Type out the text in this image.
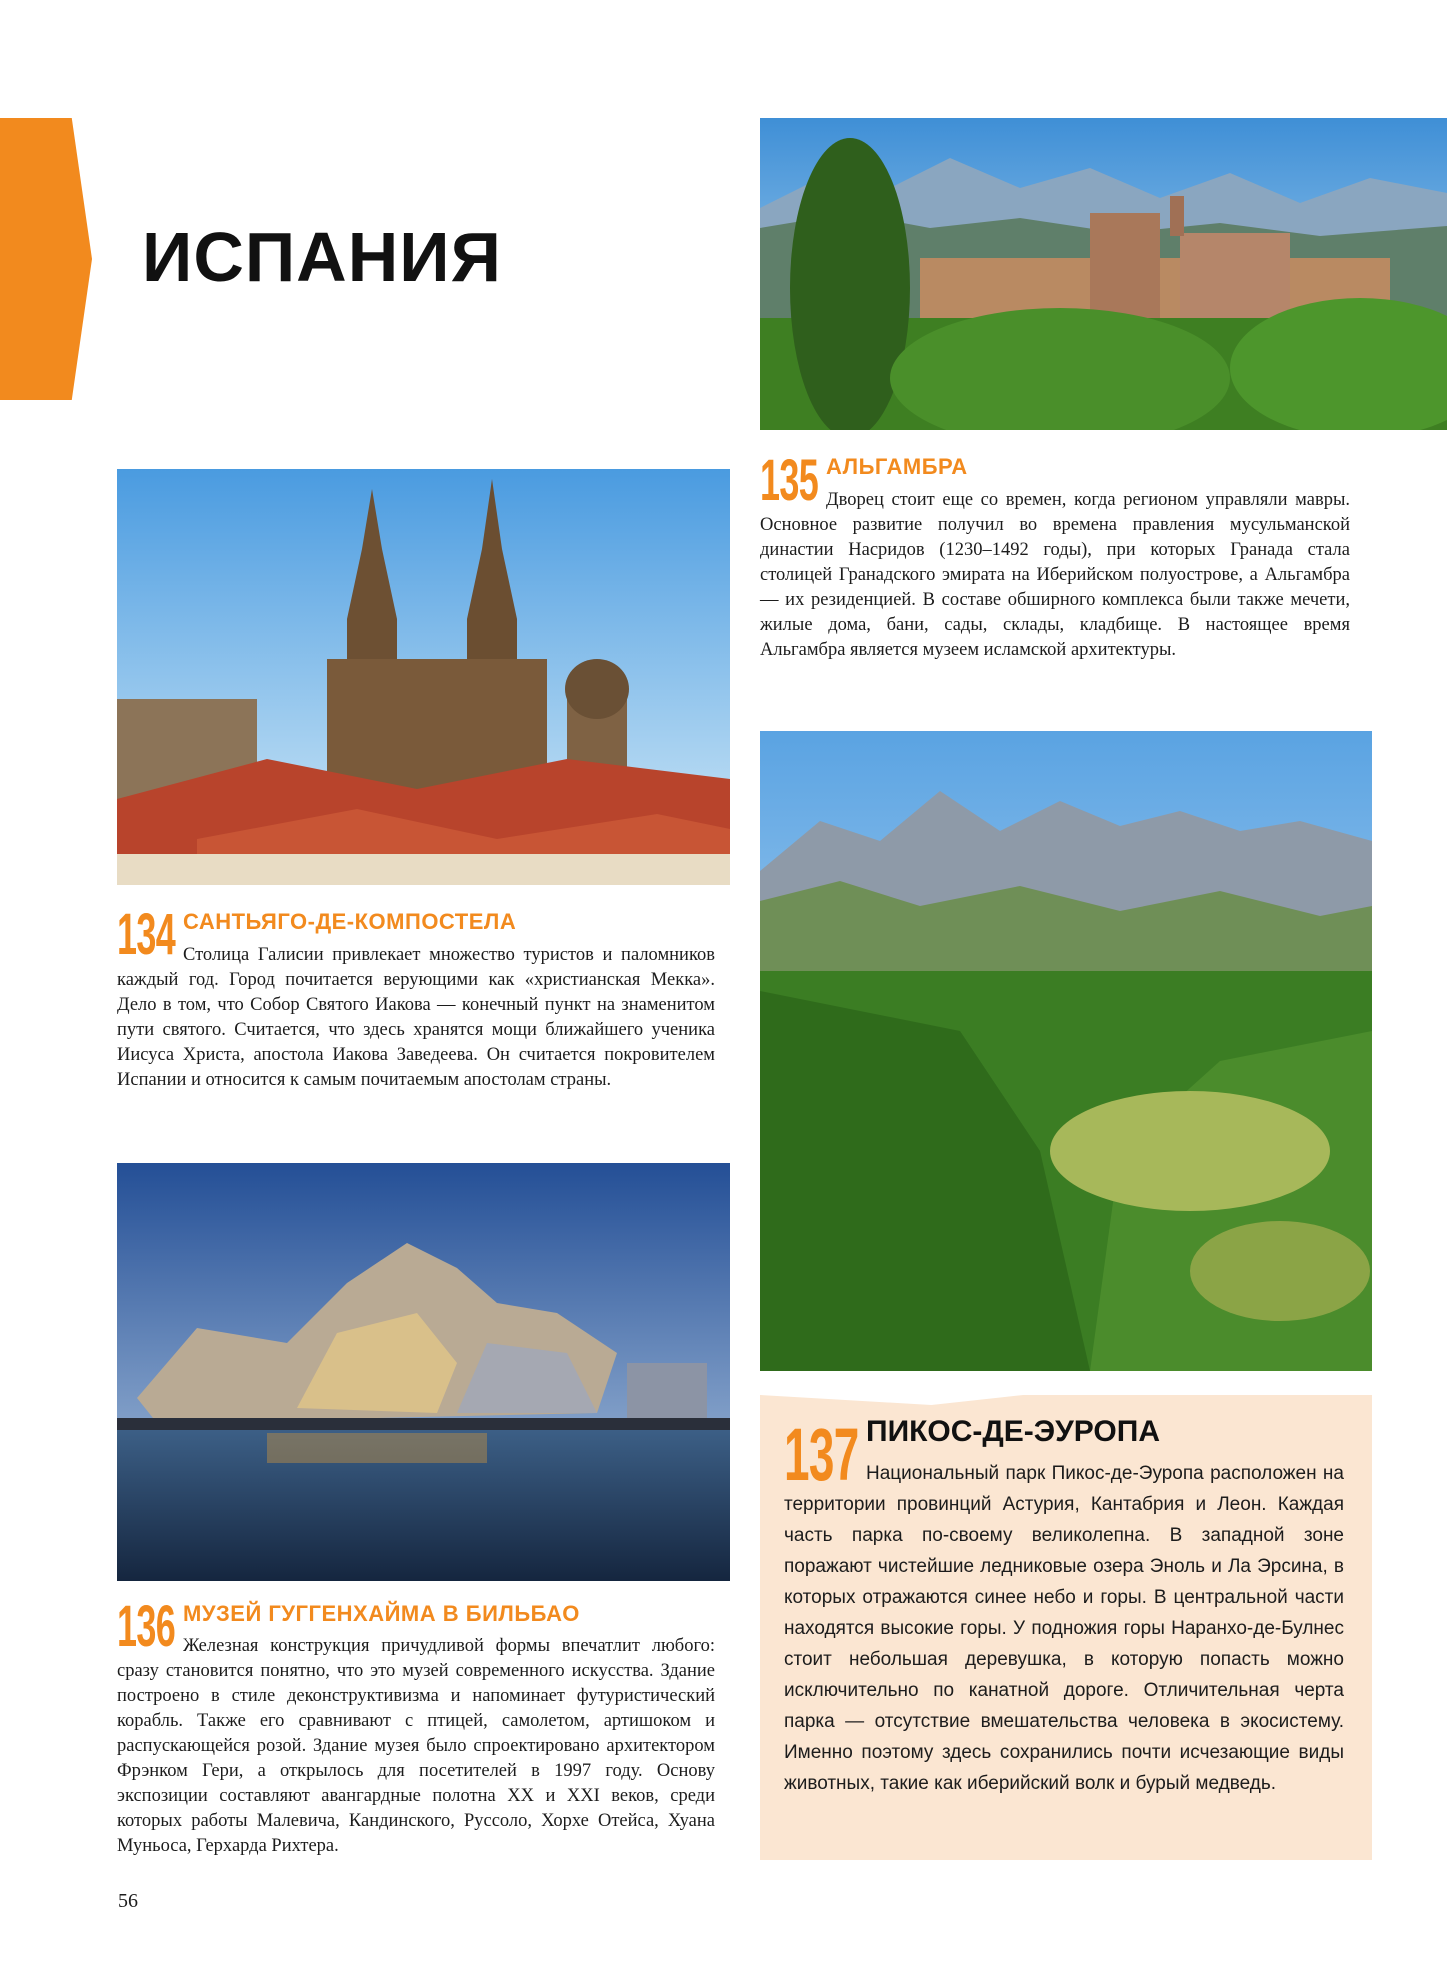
ИСПАНИЯ
135 АЛЬГАМБРА
Дворец стоит еще со времен, когда регионом управляли мавры. Основное развитие получил во времена правления мусульманской династии Насридов (1230–1492 годы), при которых Гранада стала столицей Гранадского эмирата на Иберийском полуострове, а Альгамбра — их резиденцией. В составе обширного комплекса были также мечети, жилые дома, бани, сады, склады, кладбище. В настоящее время Альгамбра является музеем исламской архитектуры.
134 САНТЬЯГО-ДЕ-КОМПОСТЕЛА
Столица Галисии привлекает множество туристов и паломников каждый год. Город почитается верующими как «христианская Мекка». Дело в том, что Собор Святого Иакова — конечный пункт на знаменитом пути святого. Считается, что здесь хранятся мощи ближайшего ученика Иисуса Христа, апостола Иакова Заведеева. Он считается покровителем Испании и относится к самым почитаемым апостолам страны.
137 ПИКОС-ДЕ-ЭУРОПА
Национальный парк Пикос-де-Эуропа расположен на территории провинций Астурия, Кантабрия и Леон. Каждая часть парка по-своему великолепна. В западной зоне поражают чистейшие ледниковые озера Эноль и Ла Эрсина, в которых отражаются синее небо и горы. В центральной части находятся высокие горы. У подножия горы Наранхо-де-Булнес стоит небольшая деревушка, в которую попасть можно исключительно по канатной дороге. Отличительная черта парка — отсутствие вмешательства человека в экосистему. Именно поэтому здесь сохранились почти исчезающие виды животных, такие как иберийский волк и бурый медведь.
136 МУЗЕЙ ГУГГЕНХАЙМА В БИЛЬБАО
Железная конструкция причудливой формы впечатлит любого: сразу становится понятно, что это музей современного искусства. Здание построено в стиле деконструктивизма и напоминает футуристический корабль. Также его сравнивают с птицей, самолетом, артишоком и распускающейся розой. Здание музея было спроектировано архитектором Фрэнком Гери, а открылось для посетителей в 1997 году. Основу экспозиции составляют авангардные полотна XX и XXI веков, среди которых работы Малевича, Кандинского, Руссоло, Хорхе Отейса, Хуана Муньоса, Герхарда Рихтера.
56
